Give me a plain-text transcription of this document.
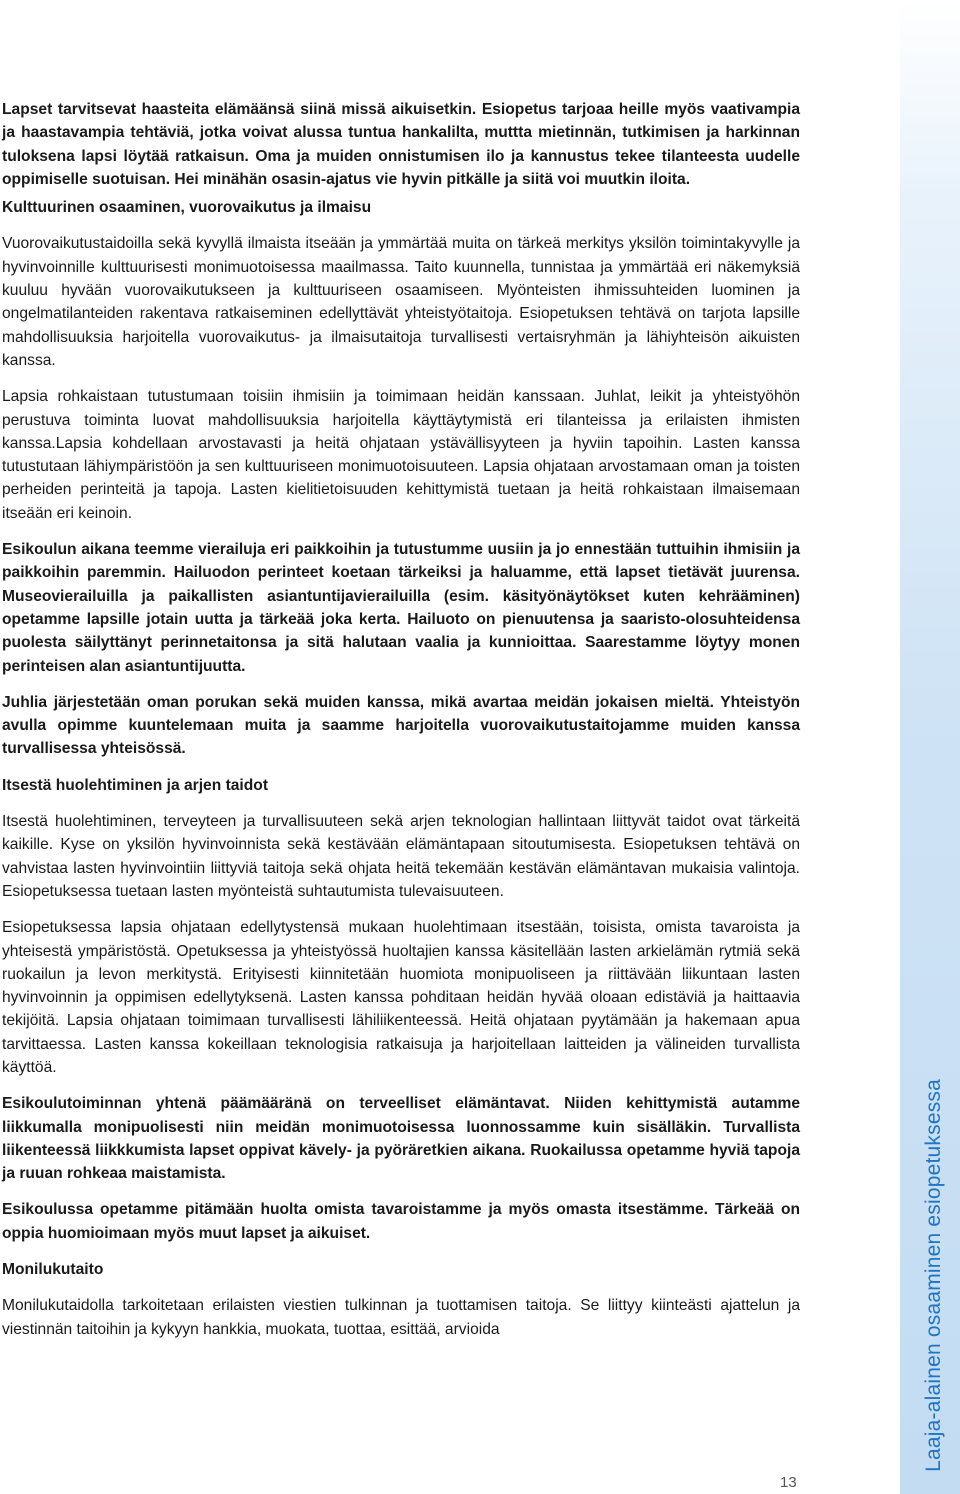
Laaja-alainen osaaminen esiopetuksessa

Lapset tarvitsevat haasteita elämäänsä siinä missä aikuisetkin. Esiopetus tarjoaa heille myös vaativampia ja haastavampia tehtäviä, jotka voivat alussa tuntua hankalilta, muttta mietinnän, tutkimisen ja harkinnan tuloksena lapsi löytää ratkaisun. Oma ja muiden onnistumisen ilo ja kannustus tekee tilanteesta uudelle oppimiselle suotuisan. Hei minähän osasin-ajatus vie hyvin pitkälle ja siitä voi muutkin iloita.

Kulttuurinen osaaminen, vuorovaikutus ja ilmaisu

Vuorovaikutustaidoilla sekä kyvyllä ilmaista itseään ja ymmärtää muita on tärkeä merkitys yksilön toimintakyvylle ja hyvinvoinnille kulttuurisesti monimuotoisessa maailmassa. Taito kuunnella, tunnistaa ja ymmärtää eri näkemyksiä kuuluu hyvään vuorovaikutukseen ja kulttuuriseen osaamiseen. Myönteisten ihmissuhteiden luominen ja ongelmatilanteiden rakentava ratkaiseminen edellyttävät yhteistyötaitoja. Esiopetuksen tehtävä on tarjota lapsille mahdollisuuksia harjoitella vuorovaikutus- ja ilmaisutaitoja turvallisesti vertaisryhmän ja lähiyhteisön aikuisten kanssa.

Lapsia rohkaistaan tutustumaan toisiin ihmisiin ja toimimaan heidän kanssaan. Juhlat, leikit ja yhteistyöhön perustuva toiminta luovat mahdollisuuksia harjoitella käyttäytymistä eri tilanteissa ja erilaisten ihmisten kanssa.Lapsia kohdellaan arvostavasti ja heitä ohjataan ystävällisyyteen ja hyviin tapoihin. Lasten kanssa tutustutaan lähiympäristöön ja sen kulttuuriseen monimuotoisuuteen. Lapsia ohjataan arvostamaan oman ja toisten perheiden perinteitä ja tapoja. Lasten kielitietoisuuden kehittymistä tuetaan ja heitä rohkaistaan ilmaisemaan itseään eri keinoin.

Esikoulun aikana teemme vierailuja eri paikkoihin ja tutustumme uusiin ja jo ennestään tuttuihin ihmisiin ja paikkoihin paremmin. Hailuodon perinteet koetaan tärkeiksi ja haluamme, että lapset tietävät juurensa. Museovierailuilla ja paikallisten asiantuntijavierailuilla (esim. käsityönäytökset kuten kehrääminen) opetamme lapsille jotain uutta ja tärkeää joka kerta. Hailuoto on pienuutensa ja saaristo-olosuhteidensa puolesta säilyttänyt perinnetaitonsa ja sitä halutaan vaalia ja kunnioittaa. Saarestamme löytyy monen perinteisen alan asiantuntijuutta.

Juhlia järjestetään oman porukan sekä muiden kanssa, mikä avartaa meidän jokaisen mieltä. Yhteistyön avulla opimme kuuntelemaan muita ja saamme harjoitella vuorovaikutustaitojamme muiden kanssa turvallisessa yhteisössä.

Itsestä huolehtiminen ja arjen taidot

Itsestä huolehtiminen, terveyteen ja turvallisuuteen sekä arjen teknologian hallintaan liittyvät taidot ovat tärkeitä kaikille. Kyse on yksilön hyvinvoinnista sekä kestävään elämäntapaan sitoutumisesta. Esiopetuksen tehtävä on vahvistaa lasten hyvinvointiin liittyviä taitoja sekä ohjata heitä tekemään kestävän elämäntavan mukaisia valintoja. Esiopetuksessa tuetaan lasten myönteistä suhtautumista tulevaisuuteen.

Esiopetuksessa lapsia ohjataan edellytystensä mukaan huolehtimaan itsestään, toisista, omista tavaroista ja yhteisestä ympäristöstä. Opetuksessa ja yhteistyössä huoltajien kanssa käsitellään lasten arkielämän rytmiä sekä ruokailun ja levon merkitystä. Erityisesti kiinnitetään huomiota monipuoliseen ja riittävään liikuntaan lasten hyvinvoinnin ja oppimisen edellytyksenä. Lasten kanssa pohditaan heidän hyvää oloaan edistäviä ja haittaavia tekijöitä. Lapsia ohjataan toimimaan turvallisesti lähiliikenteessä. Heitä ohjataan pyytämään ja hakemaan apua tarvittaessa. Lasten kanssa kokeillaan teknologisia ratkaisuja ja harjoitellaan laitteiden ja välineiden turvallista käyttöä.

Esikoulutoiminnan yhtenä päämääränä on terveelliset elämäntavat. Niiden kehittymistä autamme liikkumalla monipuolisesti niin meidän monimuotoisessa luonnossamme kuin sisälläkin. Turvallista liikenteessä liikkkumista lapset oppivat kävely- ja pyöräretkien aikana. Ruokailussa opetamme hyviä tapoja ja ruuan rohkeaa maistamista.

Esikoulussa opetamme pitämään huolta omista tavaroistamme ja myös omasta itsestämme. Tärkeää on oppia huomioimaan myös muut lapset ja aikuiset.

Monilukutaito

Monilukutaidolla tarkoitetaan erilaisten viestien tulkinnan ja tuottamisen taitoja. Se liittyy kiinteästi ajattelun ja viestinnän taitoihin ja kykyyn hankkia, muokata, tuottaa, esittää, arvioida

13
